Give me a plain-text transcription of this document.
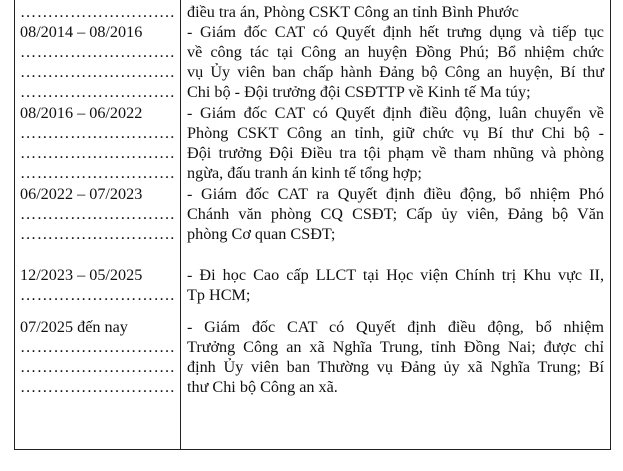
……………………….
08/2014 – 08/2016
……………………….
……………………….
……………………….
08/2016 – 06/2022
……………………….
……………………….
……………………….
06/2022 – 07/2023
……………………….
……………………….
12/2023 – 05/2025
……………………….
07/2025 đến nay
……………………….
……………………….
……………………….
điều tra án, Phòng CSKT Công an tỉnh Bình Phước
- Giám đốc CAT có Quyết định hết trưng dụng và tiếp tục
về công tác tại Công an huyện Đồng Phú; Bổ nhiệm chức
vụ Ủy viên ban chấp hành Đảng bộ Công an huyện, Bí thư
Chi bộ - Đội trưởng đội CSĐTTP về Kinh tế Ma túy;
- Giám đốc CAT có Quyết định điều động, luân chuyển về
Phòng CSKT Công an tỉnh, giữ chức vụ Bí thư Chi bộ -
Đội trưởng Đội Điều tra tội phạm về tham nhũng và phòng
ngừa, đấu tranh án kinh tế tổng hợp;
- Giám đốc CAT ra Quyết định điều động, bổ nhiệm Phó
Chánh văn phòng CQ CSĐT; Cấp ủy viên, Đảng bộ Văn
phòng Cơ quan CSĐT;
- Đi học Cao cấp LLCT tại Học viện Chính trị Khu vực II,
Tp HCM;
- Giám đốc CAT có Quyết định điều động, bổ nhiệm
Trưởng Công an xã Nghĩa Trung, tỉnh Đồng Nai; được chỉ
định Ủy viên ban Thường vụ Đảng ủy xã Nghĩa Trung; Bí
thư Chi bộ Công an xã.
